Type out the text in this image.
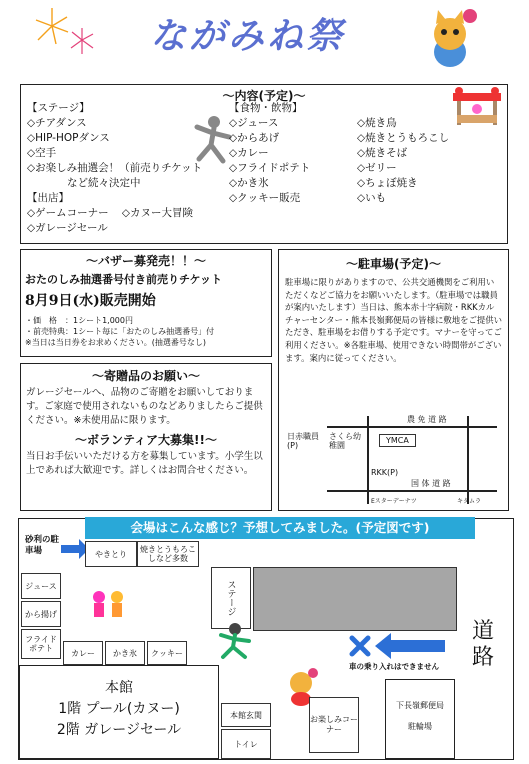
ながみね祭
～内容(予定)～
【ステージ】
◇チアダンス
◇HIP-HOPダンス
◇空手
◇お楽しみ抽選会！（前売りチケット
など続々決定中
【出店】
◇ゲームコーナー ◇カヌー大冒険
◇ガレージセール
【食物・飲物】
◇ジュース
◇からあげ
◇カレー
◇フライドポテト
◇かき氷
◇クッキー販売
◇焼き鳥
◇焼きとうもろこし
◇焼きそば
◇ゼリー
◇ちょぼ焼き
◇いも
～バザー募発売！！～
おたのしみ抽選番号付き前売りチケット
8月9日(水)販売開始
・価　格　：1シート1,000円
・前売特典：1シート毎に「おたのしみ抽選番号」付
※当日は当日券をお求めください。(抽選番号なし)
～寄贈品のお願い～
ガレージセールへ、品物のご寄贈をお願いしております。ご家庭で使用されないものなどありましたらご提供ください。※未使用品に限ります。
～ボランティア大募集!!～
当日お手伝いいただける方を募集しています。小学生以上であれば大歓迎です。詳しくはお問合せください。
～駐車場(予定)～
駐車場に限りがありますので、公共交通機関をご利用いただくなどご協力をお願いいたします。（駐車場では職員が案内いたします）当日は、熊本赤十字病院・RKKカルチャーセンター・熊本長嶺郵便局の皆様に敷地をご提供いただき、駐車場をお借りする予定です。マナーを守ってご利用ください。※各駐車場、使用できない時間帯がございます。案内に従ってください。
農 免 道 路
国 体 道 路
日赤職員(P)
さくら幼稚園
YMCA
RKK(P)
Eスターデーナツ	キタムラ
会場はこんな感じ？予想してみました。(予定図です)
砂利の駐車場	やきとり	焼きとうもろこしなど多数
ジュース
から揚げ
フライドポテト	カレー	かき氷	クッキー
ステージ
車の乗り入れはできません
道路
本館
1階 プール(カヌー)
2階 ガレージセール
本館玄関
トイレ
お楽しみコーナー
下長嶺郵便局
駐輪場
